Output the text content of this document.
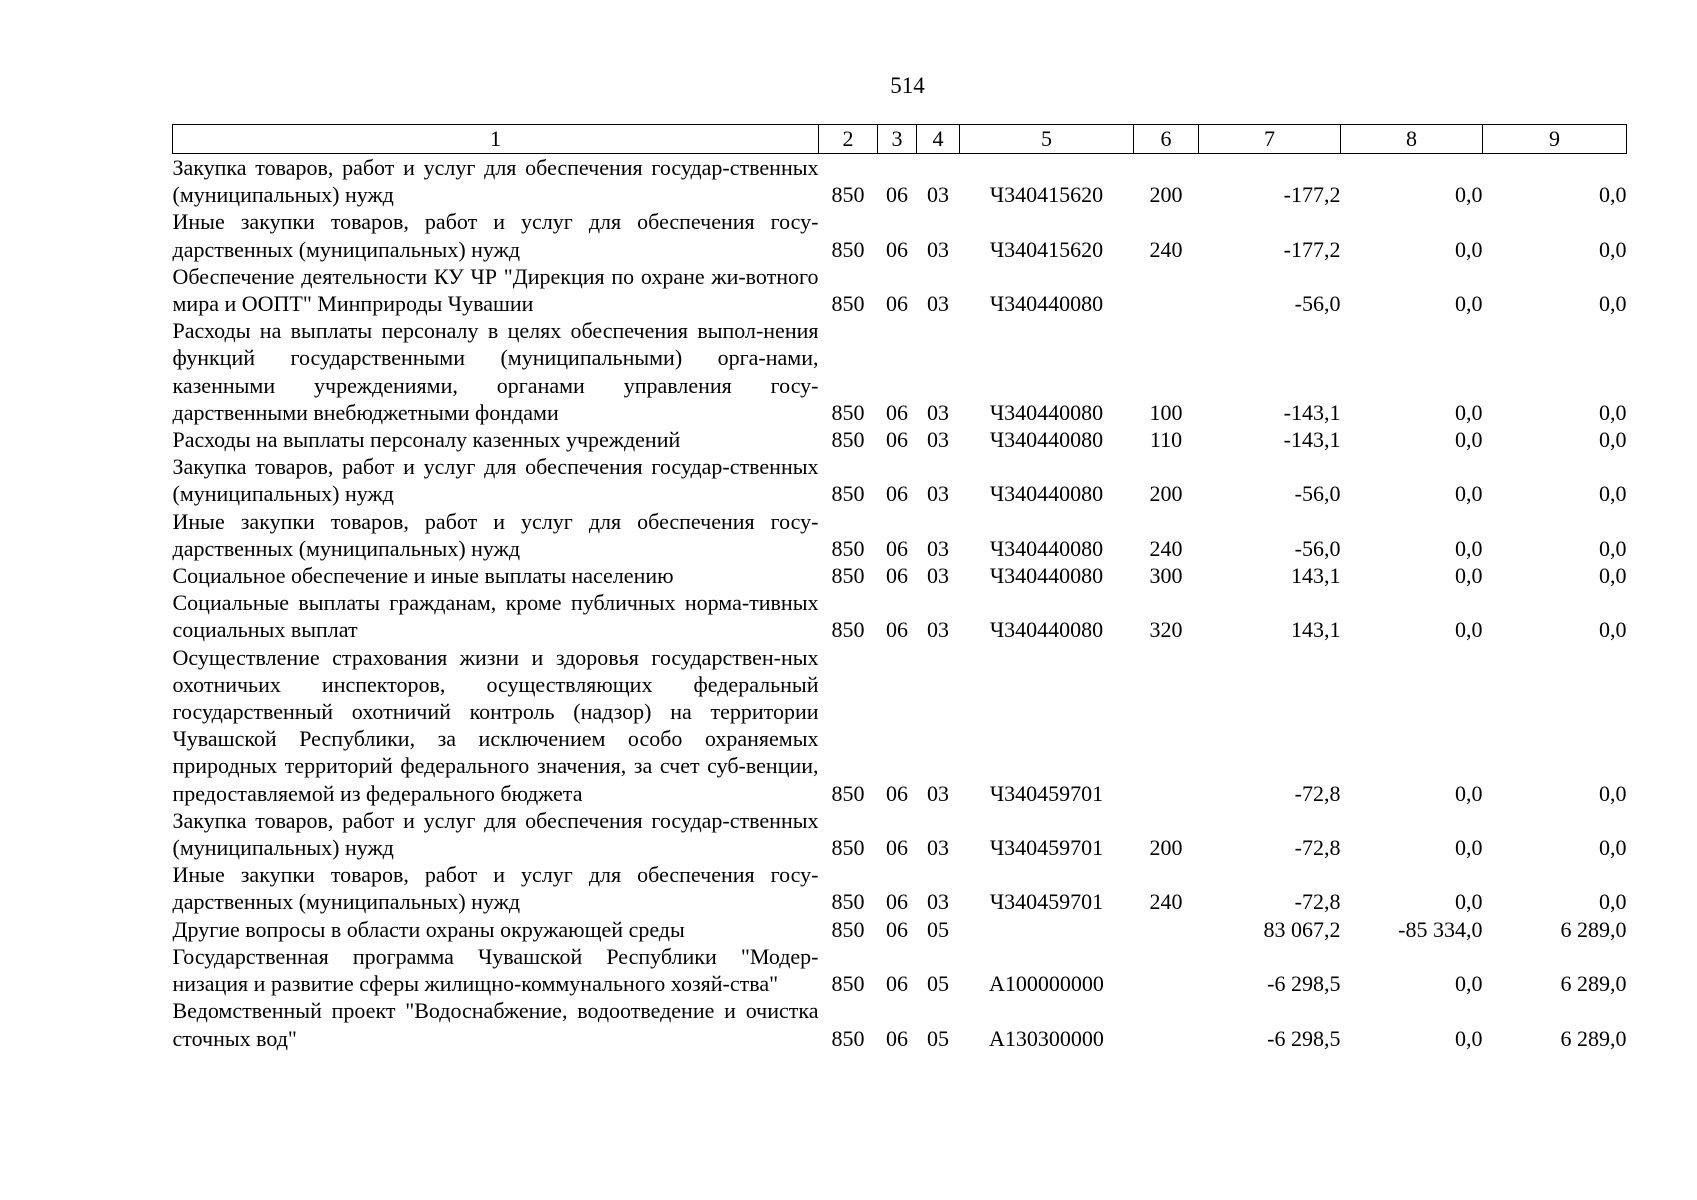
514
1	2	3	4	5	6	7	8	9
Закупка товаров, работ и услуг для обеспечения государ-ственных (муниципальных) нужд	850	06	03	Ч340415620	200	-177,2	0,0	0,0
Иные закупки товаров, работ и услуг для обеспечения госу-дарственных (муниципальных) нужд	850	06	03	Ч340415620	240	-177,2	0,0	0,0
Обеспечение деятельности КУ ЧР "Дирекция по охране жи-вотного мира и ООПТ" Минприроды Чувашии	850	06	03	Ч340440080		-56,0	0,0	0,0
Расходы на выплаты персоналу в целях обеспечения выпол-нения функций государственными (муниципальными) орга-нами, казенными учреждениями, органами управления госу-дарственными внебюджетными фондами	850	06	03	Ч340440080	100	-143,1	0,0	0,0
Расходы на выплаты персоналу казенных учреждений	850	06	03	Ч340440080	110	-143,1	0,0	0,0
Закупка товаров, работ и услуг для обеспечения государ-ственных (муниципальных) нужд	850	06	03	Ч340440080	200	-56,0	0,0	0,0
Иные закупки товаров, работ и услуг для обеспечения госу-дарственных (муниципальных) нужд	850	06	03	Ч340440080	240	-56,0	0,0	0,0
Социальное обеспечение и иные выплаты населению	850	06	03	Ч340440080	300	143,1	0,0	0,0
Социальные выплаты гражданам, кроме публичных норма-тивных социальных выплат	850	06	03	Ч340440080	320	143,1	0,0	0,0
Осуществление страхования жизни и здоровья государствен-ных охотничьих инспекторов, осуществляющих федеральный государственный охотничий контроль (надзор) на территории Чувашской Республики, за исключением особо охраняемых природных территорий федерального значения, за счет суб-венции, предоставляемой из федерального бюджета	850	06	03	Ч340459701		-72,8	0,0	0,0
Закупка товаров, работ и услуг для обеспечения государ-ственных (муниципальных) нужд	850	06	03	Ч340459701	200	-72,8	0,0	0,0
Иные закупки товаров, работ и услуг для обеспечения госу-дарственных (муниципальных) нужд	850	06	03	Ч340459701	240	-72,8	0,0	0,0
Другие вопросы в области охраны окружающей среды	850	06	05			83 067,2	-85 334,0	6 289,0
Государственная программа Чувашской Республики "Модер-низация и развитие сферы жилищно-коммунального хозяй-ства"	850	06	05	А100000000		-6 298,5	0,0	6 289,0
Ведомственный проект "Водоснабжение, водоотведение и очистка сточных вод"	850	06	05	А130300000		-6 298,5	0,0	6 289,0
